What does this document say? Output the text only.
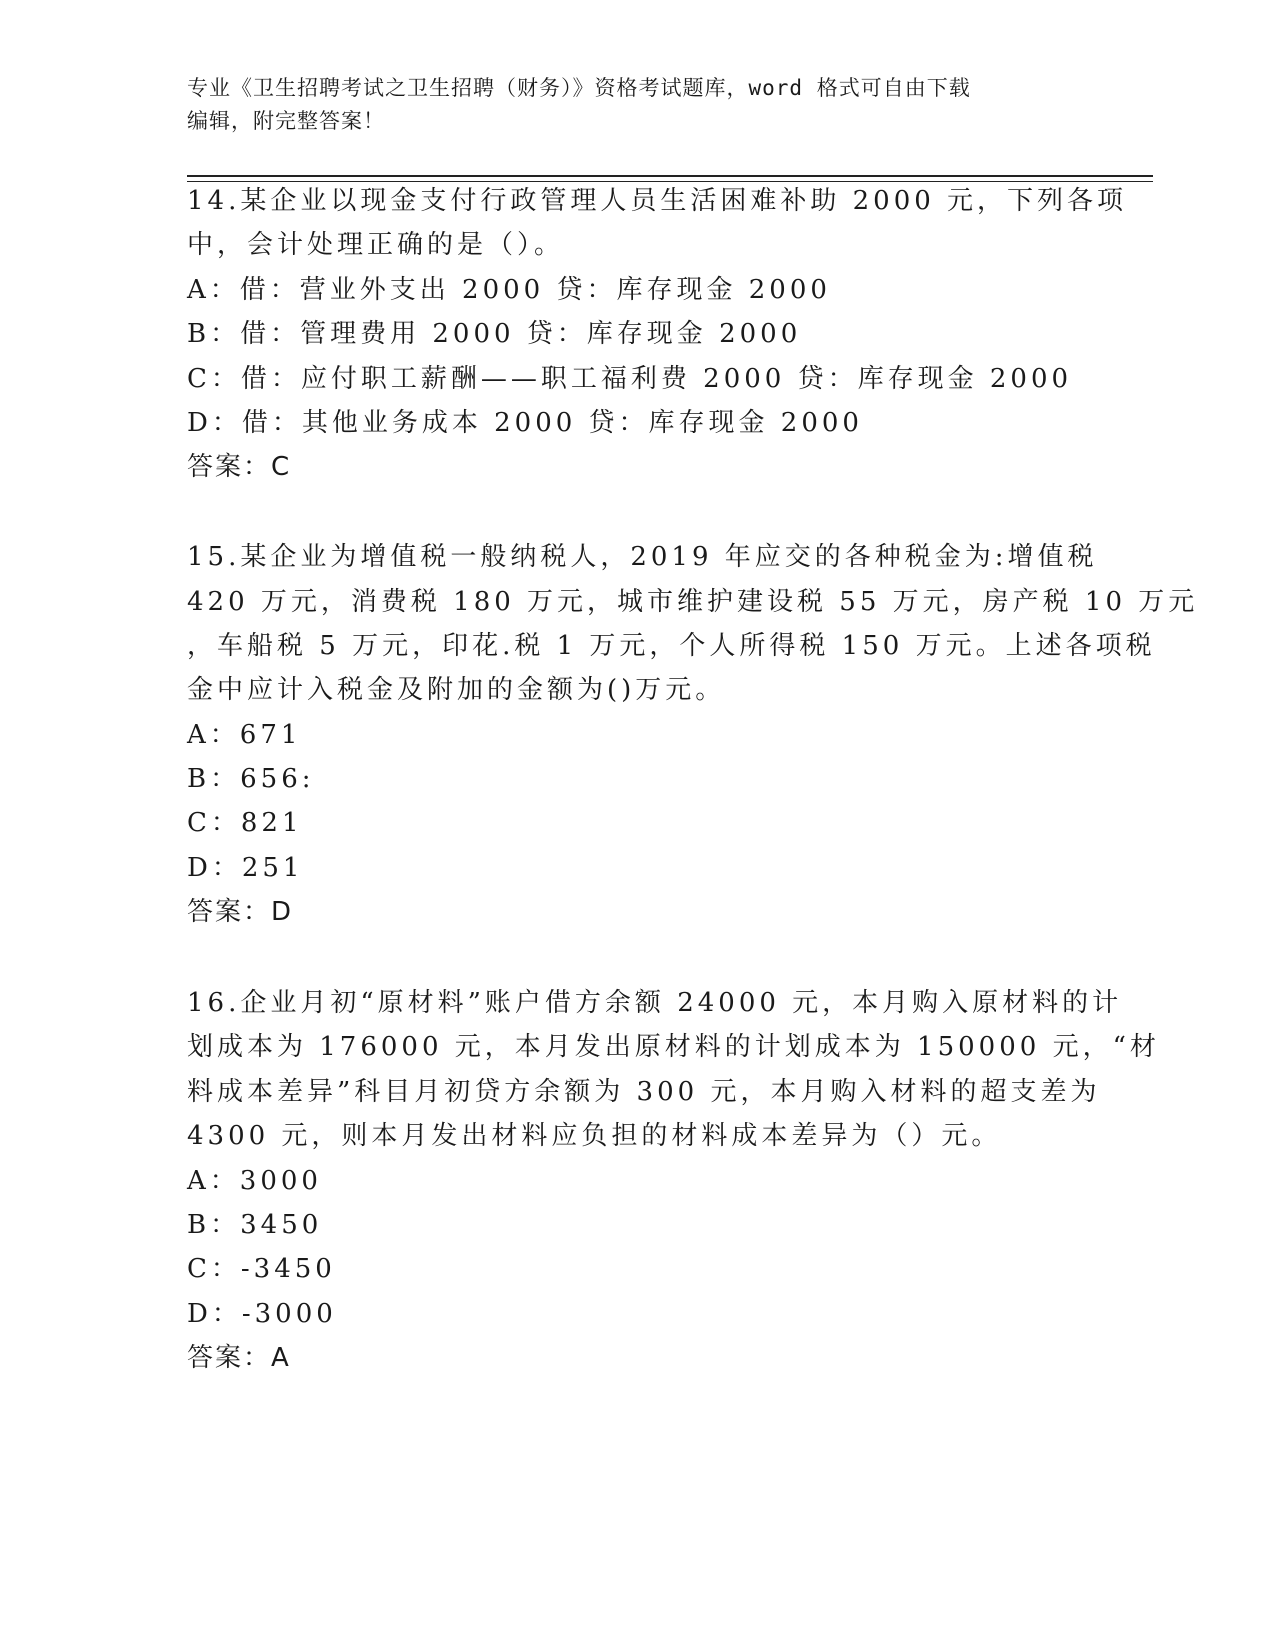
专业《卫生招聘考试之卫生招聘（财务）》资格考试题库，word 格式可自由下载
编辑，附完整答案！
14.某企业以现金支付行政管理人员生活困难补助 2000 元，下列各项
中，会计处理正确的是（）。
A：借：营业外支出 2000 贷：库存现金 2000
B：借：管理费用 2000 贷：库存现金 2000
C：借：应付职工薪酬——职工福利费 2000 贷：库存现金 2000
D：借：其他业务成本 2000 贷：库存现金 2000
答案：C
15.某企业为增值税一般纳税人，2019 年应交的各种税金为:增值税
420 万元，消费税 180 万元，城市维护建设税 55 万元，房产税 10 万元
，车船税 5 万元，印花.税 1 万元，个人所得税 150 万元。上述各项税
金中应计入税金及附加的金额为()万元。
A：671
B：656:
C：821
D：251
答案：D
16.企业月初“原材料”账户借方余额 24000 元，本月购入原材料的计
划成本为 176000 元，本月发出原材料的计划成本为 150000 元，“材
料成本差异”科目月初贷方余额为 300 元，本月购入材料的超支差为
4300 元，则本月发出材料应负担的材料成本差异为（）元。
A：3000
B：3450
C：-3450
D：-3000
答案：A
